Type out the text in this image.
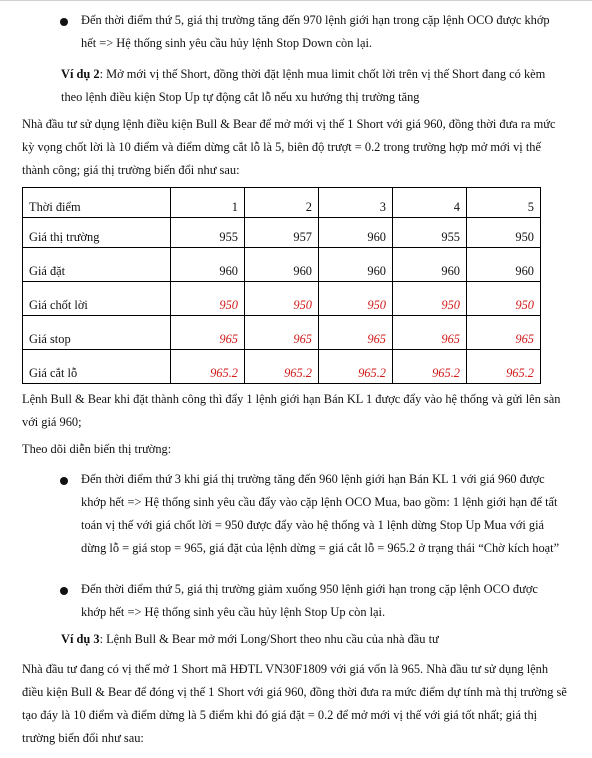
Đến thời điểm thứ 5, giá thị trường tăng đến 970 lệnh giới hạn trong cặp lệnh OCO được khớp hết => Hệ thống sinh yêu cầu hủy lệnh Stop Down còn lại.

Ví dụ 2: Mở mới vị thế Short, đồng thời đặt lệnh mua limit chốt lời trên vị thế Short đang có kèm theo lệnh điều kiện Stop Up tự động cắt lỗ nếu xu hướng thị trường tăng

Nhà đầu tư sử dụng lệnh điều kiện Bull & Bear để mở mới vị thế 1 Short với giá 960, đồng thời đưa ra mức kỳ vọng chốt lời là 10 điểm và điểm dừng cắt lỗ là 5, biên độ trượt = 0.2 trong trường hợp mở mới vị thế thành công; giá thị trường biến đổi như sau:

Thời điểm	1	2	3	4	5
Giá thị trường	955	957	960	955	950
Giá đặt	960	960	960	960	960
Giá chốt lời	950	950	950	950	950
Giá stop	965	965	965	965	965
Giá cắt lỗ	965.2	965.2	965.2	965.2	965.2

Lệnh Bull & Bear khi đặt thành công thì đẩy 1 lệnh giới hạn Bán KL 1 được đẩy vào hệ thống và gửi lên sàn với giá 960;

Theo dõi diễn biến thị trường:

Đến thời điểm thứ 3 khi giá thị trường tăng đến 960 lệnh giới hạn Bán KL 1 với giá 960 được khớp hết => Hệ thống sinh yêu cầu đẩy vào cặp lệnh OCO Mua, bao gồm: 1 lệnh giới hạn để tất toán vị thế với giá chốt lời = 950 được đẩy vào hệ thống và 1 lệnh dừng Stop Up Mua với giá dừng lỗ = giá stop = 965, giá đặt của lệnh dừng = giá cắt lỗ = 965.2 ở trạng thái “Chờ kích hoạt”

Đến thời điểm thứ 5, giá thị trường giảm xuống 950 lệnh giới hạn trong cặp lệnh OCO được khớp hết => Hệ thống sinh yêu cầu hủy lệnh Stop Up còn lại.

Ví dụ 3: Lệnh Bull & Bear mở mới Long/Short theo nhu cầu của nhà đầu tư

Nhà đầu tư đang có vị thế mở 1 Short mã HĐTL VN30F1809 với giá vốn là 965. Nhà đầu tư sử dụng lệnh điều kiện Bull & Bear để đóng vị thế 1 Short với giá 960, đồng thời đưa ra mức điểm dự tính mà thị trường sẽ tạo đáy là 10 điểm và điểm dừng là 5 điểm khi đó giá đặt = 0.2 để mở mới vị thế với giá tốt nhất; giá thị trường biến đổi như sau:
